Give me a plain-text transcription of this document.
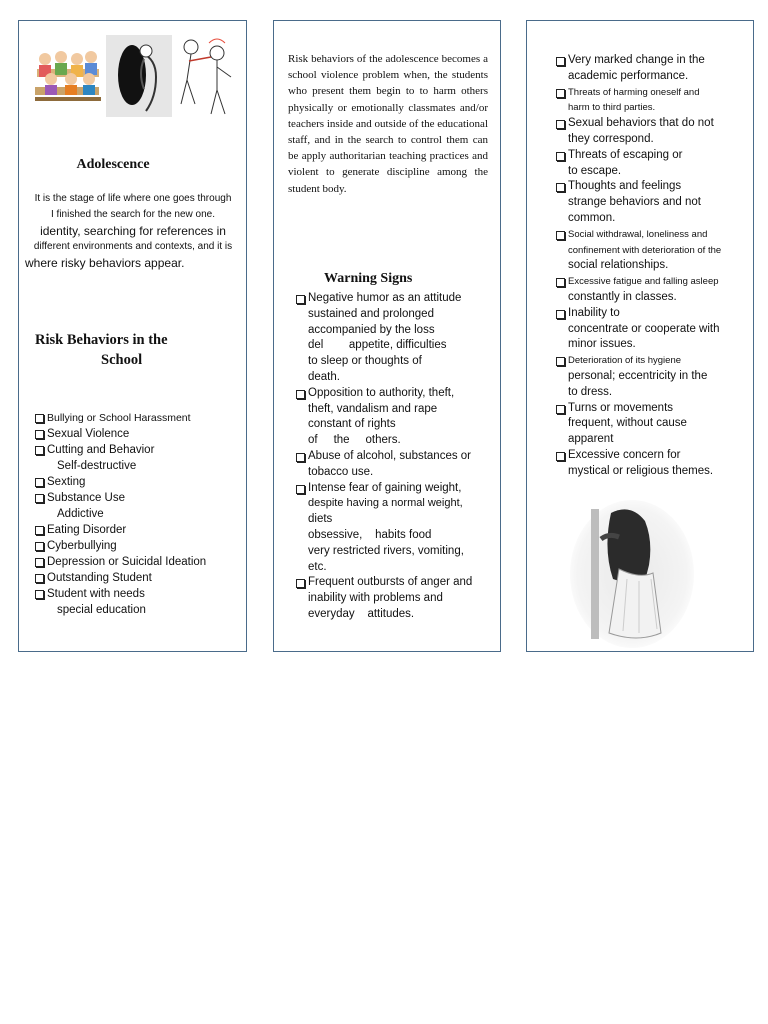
Adolescence
It is the stage of life where one goes through
I finished the search for the new one.
identity, searching for references in
different environments and contexts, and it is
where risky behaviors appear.
Risk Behaviors in the
School
Bullying or School Harassment
Sexual Violence
Cutting and Behavior
Self-destructive
Sexting
Substance Use
Addictive
Eating Disorder
Cyberbullying
Depression or Suicidal Ideation
Outstanding Student
Student with needs
special education
Risk behaviors of the adolescence becomes a school violence problem when, the students who present them begin to to harm others physically or emotionally classmates and/or teachers inside and outside of the educational staff, and in the search to control them can be apply authoritarian teaching practices and violent to generate discipline among the student body.
Warning Signs
Negative humor as an attitude
sustained and prolonged
accompanied by the loss
del        appetite, difficulties
to sleep or thoughts of
death.
Opposition to authority, theft,
theft, vandalism and rape
constant of rights
of     the     others.
Abuse of alcohol, substances or
tobacco use.
Intense fear of gaining weight,
despite having a normal weight,
diets
obsessive,    habits food
very restricted rivers, vomiting,
etc.
Frequent outbursts of anger and
inability with problems and
everyday    attitudes.
Very marked change in the
academic performance.
Threats of harming oneself and
harm to third parties.
Sexual behaviors that do not
they correspond.
Threats of escaping or
to escape.
Thoughts and feelings
strange behaviors and not
common.
Social withdrawal, loneliness and
confinement with deterioration of the
social relationships.
Excessive fatigue and falling asleep
constantly in classes.
Inability to
concentrate or cooperate with
minor issues.
Deterioration of its hygiene
personal; eccentricity in the
to dress.
Turns or movements
frequent, without cause
apparent
Excessive concern for
mystical or religious themes.
